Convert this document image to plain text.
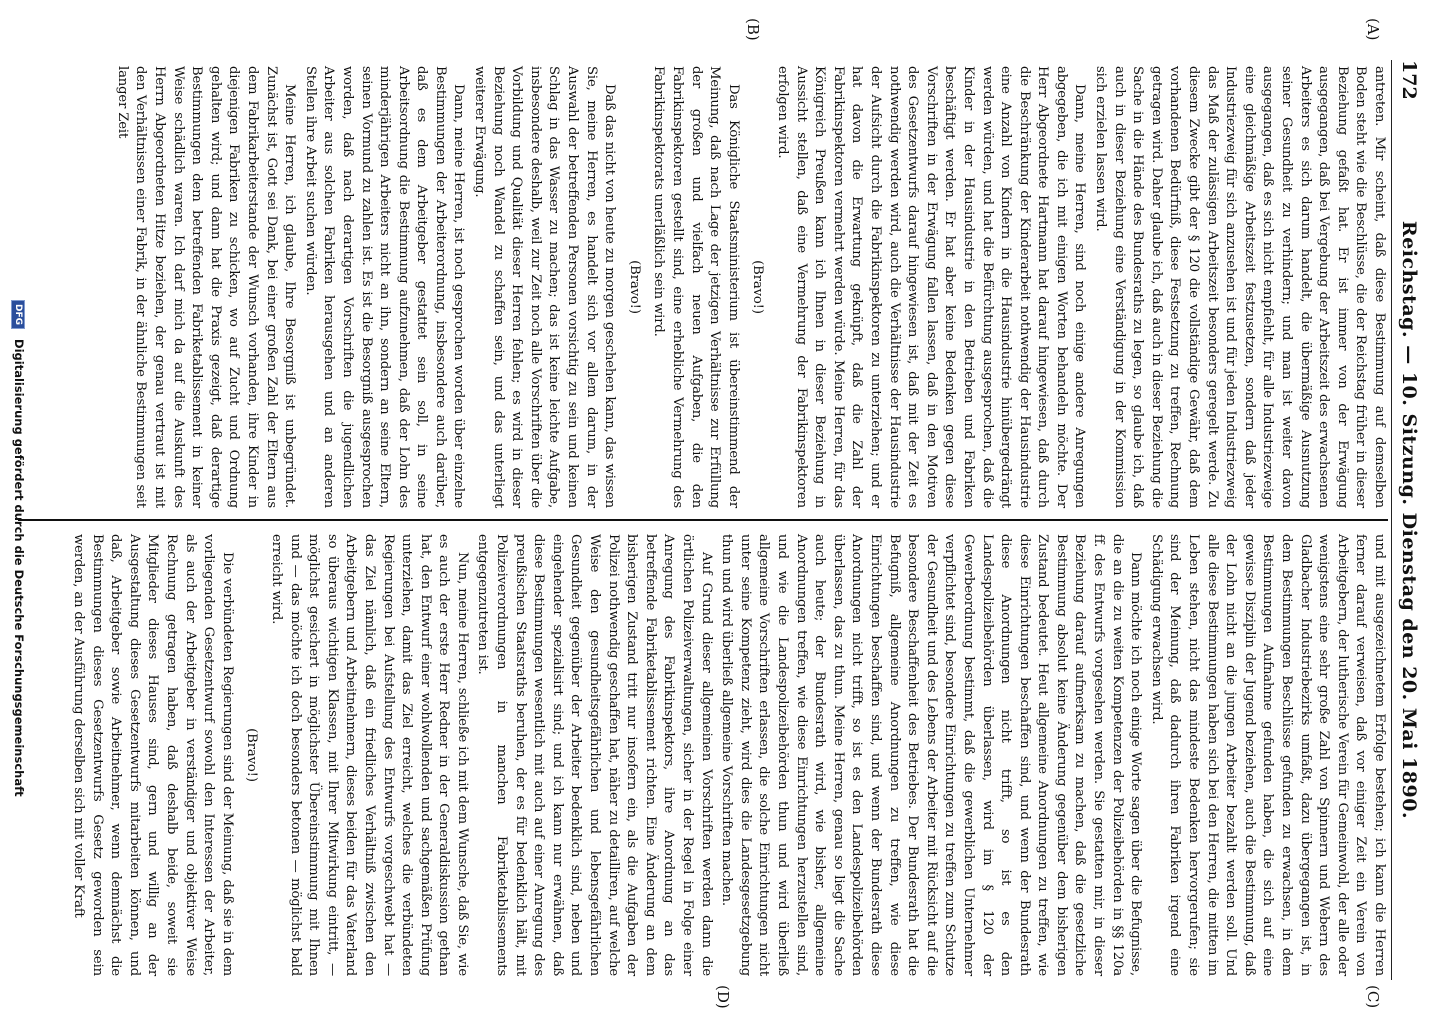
172
Reichstag. — 10. Sitzung. Dienstag den 20. Mai 1890.
(A)
(B)
(C)
(D)

antreten. Mir scheint, daß diese Bestimmung auf demselben Boden steht wie die Beschlüsse, die der Reichstag früher in dieser Beziehung gefaßt hat. Er ist immer von der Erwägung ausgegangen, daß bei Vergebung der Arbeitszeit des erwachsenen Arbeiters es sich darum handelt, die übermäßige Ausnutzung seiner Gesundheit zu verhindern; und man ist weiter davon ausgegangen, daß es sich nicht empfiehlt, für alle Industriezweige eine gleichmäßige Arbeitszeit festzusetzen, sondern daß jeder Industriezweig für sich anzusehen ist und für jeden Industriezweig das Maß der zulässigen Arbeitszeit besonders geregelt werde. Zu diesem Zwecke gibt der § 120 die vollständige Gewähr, daß dem vorhandenen Bedürfniß, diese Festsetzung zu treffen, Rechnung getragen wird. Daher glaube ich, daß auch in dieser Beziehung die Sache in die Hände des Bundesraths zu legen, so glaube ich, daß auch in dieser Beziehung eine Verständigung in der Kommission sich erzielen lassen wird.

Dann, meine Herren, sind noch einige andere Anregungen abgegeben, die ich mit einigen Worten behandeln möchte. Der Herr Abgeordnete Hartmann hat darauf hingewiesen, daß durch die Beschränkung der Kinderarbeit nothwendig der Hausindustrie eine Anzahl von Kindern in die Hausindustrie hinübergedrängt werden würden, und hat die Befürchtung ausgesprochen, daß die Kinder in der Hausindustrie in den Betrieben und Fabriken beschäftigt werden. Er hat aber keine Bedenken gegen diese Vorschriften in der Erwägung fallen lassen, daß in den Motiven des Gesetzentwurfs darauf hingewiesen ist, daß mit der Zeit es nothwendig werden wird, auch die Verhältnisse der Hausindustrie der Aufsicht durch die Fabrikinspektoren zu unterziehen; und er hat davon die Erwartung geknüpft, daß die Zahl der Fabrikinspektoren vermehrt werden würde. Meine Herren, für das Königreich Preußen kann ich Ihnen in dieser Beziehung in Aussicht stellen, daß eine Vermehrung der Fabrikinspektoren erfolgen wird.

(Bravo!)

Das Königliche Staatsministerium ist übereinstimmend der Meinung, daß nach Lage der jetzigen Verhältnisse zur Erfüllung der großen und vielfach neuen Aufgaben, die den Fabrikinspektoren gestellt sind, eine erhebliche Vermehrung des Fabrikinspektorats unerläßlich sein wird.

(Bravo!)

Daß das nicht von heute zu morgen geschehen kann, das wissen Sie, meine Herren, es handelt sich vor allem darum, in der Auswahl der betreffenden Personen vorsichtig zu sein und keinen Schlag in das Wasser zu machen; das ist keine leichte Aufgabe, insbesondere deshalb, weil zur Zeit noch alle Vorschriften über die Vorbildung und Qualität dieser Herren fehlen; es wird in dieser Beziehung noch Wandel zu schaffen sein, und das unterliegt weiterer Erwägung.

Dann, meine Herren, ist noch gesprochen worden über einzelne Bestimmungen der Arbeiterordnung, insbesondere auch darüber, daß es dem Arbeitgeber gestattet sein soll, in seine Arbeitsordnung die Bestimmung aufzunehmen, daß der Lohn des minderjährigen Arbeiters nicht an ihn, sondern an seine Eltern, seinen Vormund zu zahlen ist. Es ist die Besorgniß ausgesprochen worden, daß nach derartigen Vorschriften die jugendlichen Arbeiter aus solchen Fabriken herausgehen und an anderen Stellen ihre Arbeit suchen würden.

Meine Herren, ich glaube, Ihre Besorgniß ist unbegründet. Zunächst ist, Gott sei Dank, bei einer großen Zahl der Eltern aus dem Fabrikarbeiterstande der Wunsch vorhanden, ihre Kinder in diejenigen Fabriken zu schicken, wo auf Zucht und Ordnung gehalten wird; und dann hat die Praxis gezeigt, daß derartige Bestimmungen dem betreffenden Fabriketablissement in keiner Weise schädlich waren. Ich darf mich da auf die Auskunft des Herrn Abgeordneten Hitze beziehen, der genau vertraut ist mit den Verhältnissen einer Fabrik, in der ähnliche Bestimmungen seit langer Zeit

und mit ausgezeichnetem Erfolge bestehen; ich kann die Herren ferner darauf verweisen, daß vor einiger Zeit ein Verein von Arbeitgebern, der lutherische Verein für Gemeinwohl, der alle oder wenigstens eine sehr große Zahl von Spinnern und Webern des Gladbacher Industriebezirks umfaßt, dazu übergegangen ist, in dem Bestimmungen Beschlüsse gefunden zu erwachsen, in dem Bestimmungen Aufnahme gefunden haben, die sich auf eine gewisse Disziplin der Jugend beziehen, auch die Bestimmung, daß der Lohn nicht an die jungen Arbeiter bezahlt werden soll. Und alle diese Bestimmungen haben sich bei den Herren, die mitten im Leben stehen, nicht das mindeste Bedenken hervorgerufen; sie sind der Meinung, daß dadurch ihren Fabriken irgend eine Schädigung erwachsen wird.

Dann möchte ich noch einige Worte sagen über die Befugnisse, die an die zu weiten Kompetenzen der Polizeibehörden in §§ 120a ff. des Entwurfs vorgesehen werden. Sie gestatten mir, in dieser Beziehung darauf aufmerksam zu machen, daß die gesetzliche Bestimmung absolut keine Änderung gegenüber dem bisherigen Zustand bedeutet. Heut allgemeine Anordnungen zu treffen, wie diese Einrichtungen beschaffen sind, und wenn der Bundesrath diese Anordnungen nicht trifft, so ist es den Landespolizeibehörden überlassen, wird im § 120 der Gewerbeordnung bestimmt, daß die gewerblichen Unternehmer verpflichtet sind, besondere Einrichtungen zu treffen zum Schutze der Gesundheit und des Lebens der Arbeiter mit Rücksicht auf die besondere Beschaffenheit des Betriebes. Der Bundesrath hat die Befugniß, allgemeine Anordnungen zu treffen, wie diese Einrichtungen beschaffen sind, und wenn der Bundesrath diese Anordnungen nicht trifft, so ist es den Landespolizeibehörden überlassen, das zu thun. Meine Herren, genau so liegt die Sache auch heute; der Bundesrath wird, wie bisher, allgemeine Anordnungen treffen, wie diese Einrichtungen herzustellen sind, und wie die Landespolizeibehörden thun und wird überließ allgemeine Vorschriften erlassen, die solche Einrichtungen nicht unter seine Kompetenz zieht, wird dies die Landesgesetzgebung thun und wird überließ allgemeine Vorschriften machen.

Auf Grund dieser allgemeinen Vorschriften werden dann die örtlichen Polizeiverwaltungen, sicher in der Regel in Folge einer Anregung des Fabrikinspektors, ihre Anordnung an das betreffende Fabriketablissement richten. Eine Änderung an dem bisherigen Zustand tritt nur insofern ein, als die Aufgaben der Polizei nothwendig geschaffen hat, näher zu detailliren, auf welche Weise den gesundheitsgefährlichen und lebensgefährlichen Gesundheit gegenüber der Arbeiter bedenklich sind, neben und eingehender spezialisirt sind; und ich kann nur erwähnen, daß diese Bestimmungen wesentlich mit auch auf einer Anregung des preußischen Staatsraths beruhen, der es für bedenklich hält, mit Polizeiverordnungen in manchen Fabriketablissements entgegenzutreten ist.

Nun, meine Herren, schließe ich mit dem Wunsche, daß Sie, wie es auch der erste Herr Redner in der Generaldiskussion gethan hat, den Entwurf einer wohlwollenden und sachgemäßen Prüfung unterziehen, damit das Ziel erreicht, welches die verbündeten Regierungen bei Aufstellung des Entwurfs vorgeschwebt hat — das Ziel nämlich, daß ein friedliches Verhältniß zwischen den Arbeitgebern und Arbeitnehmern, dieses beiden für das Vaterland so überaus wichtigen Klassen, mit Ihrer Mitwirkung eintritt, — möglichst gesichert in möglichster Übereinstimmung mit Ihnen und — das möchte ich doch besonders betonen — möglichst bald erreicht wird.

(Bravo!)

Die verbündeten Regierungen sind der Meinung, daß sie in dem vorliegenden Gesetzentwurf sowohl den Interessen der Arbeiter, als auch der Arbeitgeber in verständiger und objektiver Weise Rechnung getragen haben, daß deshalb beide, soweit sie Mitglieder dieses Hauses sind, gern und willig an der Ausgestaltung dieses Gesetzentwurfs mitarbeiten können, und daß, Arbeitgeber sowie Arbeitnehmer, wenn demnächst die Bestimmungen dieses Gesetzentwurfs Gesetz geworden sein werden, an der Ausführung derselben sich mit voller Kraft

DFG Digitalisierung gefördert durch die Deutsche Forschungsgemeinschaft
